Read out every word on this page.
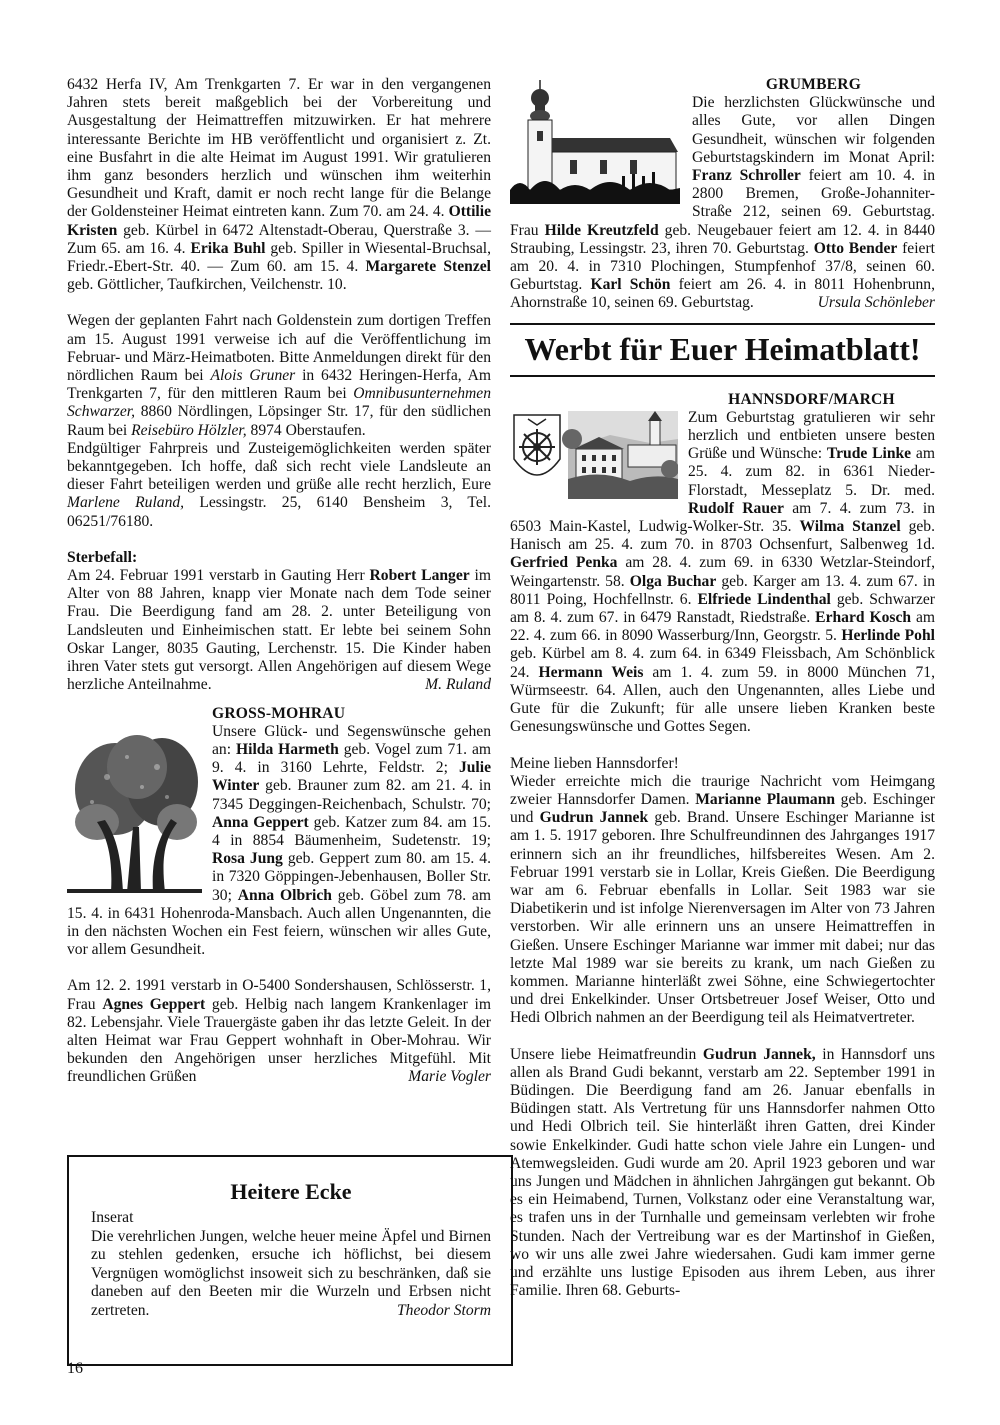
6432 Herfa IV, Am Trenkgarten 7. Er war in den vergangenen Jahren stets bereit maßgeblich bei der Vorbereitung und Ausgestaltung der Heimattreffen mitzuwirken. Er hat mehrere interessante Berichte im HB veröffentlicht und organisiert z. Zt. eine Busfahrt in die alte Heimat im August 1991. Wir gratulieren ihm ganz besonders herzlich und wünschen ihm weiterhin Gesundheit und Kraft, damit er noch recht lange für die Belange der Goldensteiner Heimat eintreten kann. Zum 70. am 24. 4. Ottilie Kristen geb. Kürbel in 6472 Altenstadt-Oberau, Querstraße 3. — Zum 65. am 16. 4. Erika Buhl geb. Spiller in Wiesental-Bruchsal, Friedr.-Ebert-Str. 40. — Zum 60. am 15. 4. Margarete Stenzel geb. Göttlicher, Taufkirchen, Veilchenstr. 10.

Wegen der geplanten Fahrt nach Goldenstein zum dortigen Treffen am 15. August 1991 verweise ich auf die Veröffentlichung im Februar- und März-Heimatboten. Bitte Anmeldungen direkt für den nördlichen Raum bei Alois Gruner in 6432 Heringen-Herfa, Am Trenkgarten 7, für den mittleren Raum bei Omnibusunternehmen Schwarzer, 8860 Nördlingen, Löpsinger Str. 17, für den südlichen Raum bei Reisebüro Hölzler, 8974 Oberstaufen.

Endgültiger Fahrpreis und Zusteigemöglichkeiten werden später bekanntgegeben. Ich hoffe, daß sich recht viele Landsleute an dieser Fahrt beteiligen werden und grüße alle recht herzlich, Eure Marlene Ruland, Lessingstr. 25, 6140 Bensheim 3, Tel. 06251/76180.

Sterbefall:

Am 24. Februar 1991 verstarb in Gauting Herr Robert Langer im Alter von 88 Jahren, knapp vier Monate nach dem Tode seiner Frau. Die Beerdigung fand am 28. 2. unter Beteiligung von Landsleuten und Einheimischen statt. Er lebte bei seinem Sohn Oskar Langer, 8035 Gauting, Lerchenstr. 15. Die Kinder haben ihren Vater stets gut versorgt. Allen Angehörigen auf diesem Wege herzliche Anteilnahme.	M. Ruland

GROSS-MOHRAU

Unsere Glück- und Segenswünsche gehen an: Hilda Harmeth geb. Vogel zum 71. am 9. 4. in 3160 Lehrte, Feldstr. 2; Julie Winter geb. Brauner zum 82. am 21. 4. in 7345 Deggingen-Reichenbach, Schulstr. 70; Anna Geppert geb. Katzer zum 84. am 15. 4 in 8854 Bäumenheim, Sudetenstr. 19; Rosa Jung geb. Geppert zum 80. am 15. 4. in 7320 Göppingen-Jebenhausen, Boller Str. 30; Anna Olbrich geb. Göbel zum 78. am 15. 4. in 6431 Hohenroda-Mansbach. Auch allen Ungenannten, die in den nächsten Wochen ein Fest feiern, wünschen wir alles Gute, vor allem Gesundheit.

Am 12. 2. 1991 verstarb in O-5400 Sondershausen, Schlösserstr. 1, Frau Agnes Geppert geb. Helbig nach langem Krankenlager im 82. Lebensjahr. Viele Trauergäste gaben ihr das letzte Geleit. In der alten Heimat war Frau Geppert wohnhaft in Ober-Mohrau. Wir bekunden den Angehörigen unser herzliches Mitgefühl. Mit freundlichen Grüßen	Marie Vogler

Heitere Ecke
Inserat
Die verehrlichen Jungen, welche heuer meine Äpfel und Birnen zu stehlen gedenken, ersuche ich höflichst, bei diesem Vergnügen womöglichst insoweit sich zu beschränken, daß sie daneben auf den Beeten mir die Wurzeln und Erbsen nicht zertreten.	Theodor Storm
16

GRUMBERG

Die herzlichsten Glückwünsche und alles Gute, vor allen Dingen Gesundheit, wünschen wir folgenden Geburtstagskindern im Monat April: Franz Schroller feiert am 10. 4. in 2800 Bremen, Große-Johanniter-Straße 212, seinen 69. Geburtstag. Frau Hilde Kreutzfeld geb. Neugebauer feiert am 12. 4. in 8440 Straubing, Lessingstr. 23, ihren 70. Geburtstag. Otto Bender feiert am 20. 4. in 7310 Plochingen, Stumpfenhof 37/8, seinen 60. Geburtstag. Karl Schön feiert am 26. 4. in 8011 Hohenbrunn, Ahornstraße 10, seinen 69. Geburtstag.	Ursula Schönleber

Werbt für Euer Heimatblatt!

HANNSDORF/MARCH

Zum Geburtstag gratulieren wir sehr herzlich und entbieten unsere besten Grüße und Wünsche: Trude Linke am 25. 4. zum 82. in 6361 Nieder-Florstadt, Messeplatz 5. Dr. med. Rudolf Rauer am 7. 4. zum 73. in 6503 Main-Kastel, Ludwig-Wolker-Str. 35. Wilma Stanzel geb. Hanisch am 25. 4. zum 70. in 8703 Ochsenfurt, Salbenweg 1d. Gerfried Penka am 28. 4. zum 69. in 6330 Wetzlar-Steindorf, Weingartenstr. 58. Olga Buchar geb. Karger am 13. 4. zum 67. in 8011 Poing, Hochfellnstr. 6. Elfriede Lindenthal geb. Schwarzer am 8. 4. zum 67. in 6479 Ranstadt, Riedstraße. Erhard Kosch am 22. 4. zum 66. in 8090 Wasserburg/Inn, Georgstr. 5. Herlinde Pohl geb. Kürbel am 8. 4. zum 64. in 6349 Fleissbach, Am Schönblick 24. Hermann Weis am 1. 4. zum 59. in 8000 München 71, Würmseestr. 64. Allen, auch den Ungenannten, alles Liebe und Gute für die Zukunft; für alle unsere lieben Kranken beste Genesungswünsche und Gottes Segen.

Meine lieben Hannsdorfer!

Wieder erreichte mich die traurige Nachricht vom Heimgang zweier Hannsdorfer Damen. Marianne Plaumann geb. Eschinger und Gudrun Jannek geb. Brand. Unsere Eschinger Marianne ist am 1. 5. 1917 geboren. Ihre Schulfreundinnen des Jahrganges 1917 erinnern sich an ihr freundliches, hilfsbereites Wesen. Am 2. Februar 1991 verstarb sie in Lollar, Kreis Gießen. Die Beerdigung war am 6. Februar ebenfalls in Lollar. Seit 1983 war sie Diabetikerin und ist infolge Nierenversagen im Alter von 73 Jahren verstorben. Wir alle erinnern uns an unsere Heimattreffen in Gießen. Unsere Eschinger Marianne war immer mit dabei; nur das letzte Mal 1989 war sie bereits zu krank, um nach Gießen zu kommen. Marianne hinterläßt zwei Söhne, eine Schwiegertochter und drei Enkelkinder. Unser Ortsbetreuer Josef Weiser, Otto und Hedi Olbrich nahmen an der Beerdigung teil als Heimatvertreter.

Unsere liebe Heimatfreundin Gudrun Jannek, in Hannsdorf uns allen als Brand Gudi bekannt, verstarb am 22. September 1991 in Büdingen. Die Beerdigung fand am 26. Januar ebenfalls in Büdingen statt. Als Vertretung für uns Hannsdorfer nahmen Otto und Hedi Olbrich teil. Sie hinterläßt ihren Gatten, drei Kinder sowie Enkelkinder. Gudi hatte schon viele Jahre ein Lungen- und Atemwegsleiden. Gudi wurde am 20. April 1923 geboren und war uns Jungen und Mädchen in ähnlichen Jahrgängen gut bekannt. Ob es ein Heimabend, Turnen, Volkstanz oder eine Veranstaltung war, es trafen uns in der Turnhalle und gemeinsam verlebten wir frohe Stunden. Nach der Vertreibung war es der Martinshof in Gießen, wo wir uns alle zwei Jahre wiedersahen. Gudi kam immer gerne und erzählte uns lustige Episoden aus ihrem Leben, aus ihrer Familie. Ihren 68. Geburts-
